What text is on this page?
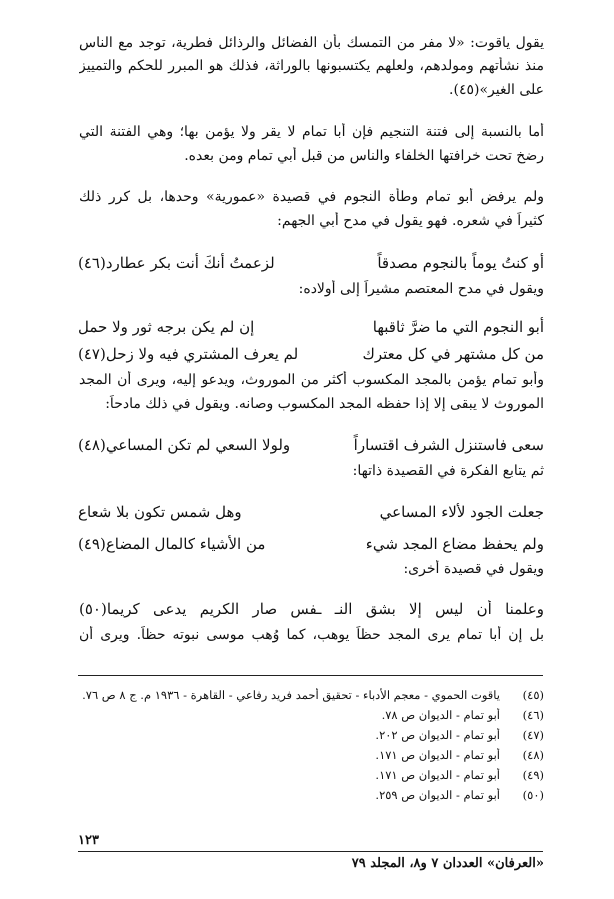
يقول ياقوت: «لا مفر من التمسك بأن الفضائل والرذائل فطرية، توجد مع الناس
منذ نشأتهم ومولدهم، ولعلهم يكتسبونها بالوراثة، فذلك هو المبرر للحكم والتمييز
على الغير»(٤٥).
أما بالنسبة إلى فتنة التنجيم فإن أبا تمام لا يقر ولا يؤمن بها؛ وهي الفتنة التي
رضخ تحت خرافتها الخلفاء والناس من قبل أبي تمام ومن بعده.
ولم يرفض أبو تمام وطأة النجوم في قصيدة «عمورية» وحدها، بل كرر ذلك
كثيراً في شعره. فهو يقول في مدح أبي الجهم:
أو كنتُ يوماً بالنجوم مصدقاً
لزعمتُ أنكَ أنت بكر عطارد(٤٦)
ويقول في مدح المعتصم مشيراً إلى أولاده:
أبو النجوم التي ما ضرَّ ثاقبها
إن لم يكن برجه ثور ولا حمل
من كل مشتهر في كل معترك
لم يعرف المشتري فيه ولا زحل(٤٧)
وأبو تمام يؤمن بالمجد المكسوب أكثر من الموروث، ويدعو إليه، ويرى أن المجد
الموروث لا يبقى إلا إذا حفظه المجد المكسوب وصانه. ويقول في ذلك مادحاً:
سعى فاستنزل الشرف اقتساراً
ولولا السعي لم تكن المساعي(٤٨)
ثم يتابع الفكرة في القصيدة ذاتها:
جعلت الجود لألاء المساعي
وهل شمس تكون بلا شعاع
ولم يحفظ مضاع المجد شيء
من الأشياء كالمال المضاع(٤٩)
ويقول في قصيدة أخرى:
وعلمنا أن ليس إلا بشق النـ ـفس صار الكريم يدعى كريما(٥٠)
بل إن أبا تمام يرى المجد حظاً يوهب، كما وُهب موسى نبوته حظاً. ويرى أن
(٤٥)ياقوت الحموي - معجم الأدباء - تحقيق أحمد فريد رفاعي - القاهرة - ١٩٣٦ م. ج ٨ ص ٧٦.
(٤٦)أبو تمام - الديوان ص ٧٨.
(٤٧)أبو تمام - الديوان ص ٢٠٢.
(٤٨)أبو تمام - الديوان ص ١٧١.
(٤٩)أبو تمام - الديوان ص ١٧١.
(٥٠)أبو تمام - الديوان ص ٢٥٩.
١٢٣
«العرفان» العددان ٧ و٨، المجلد ٧٩
